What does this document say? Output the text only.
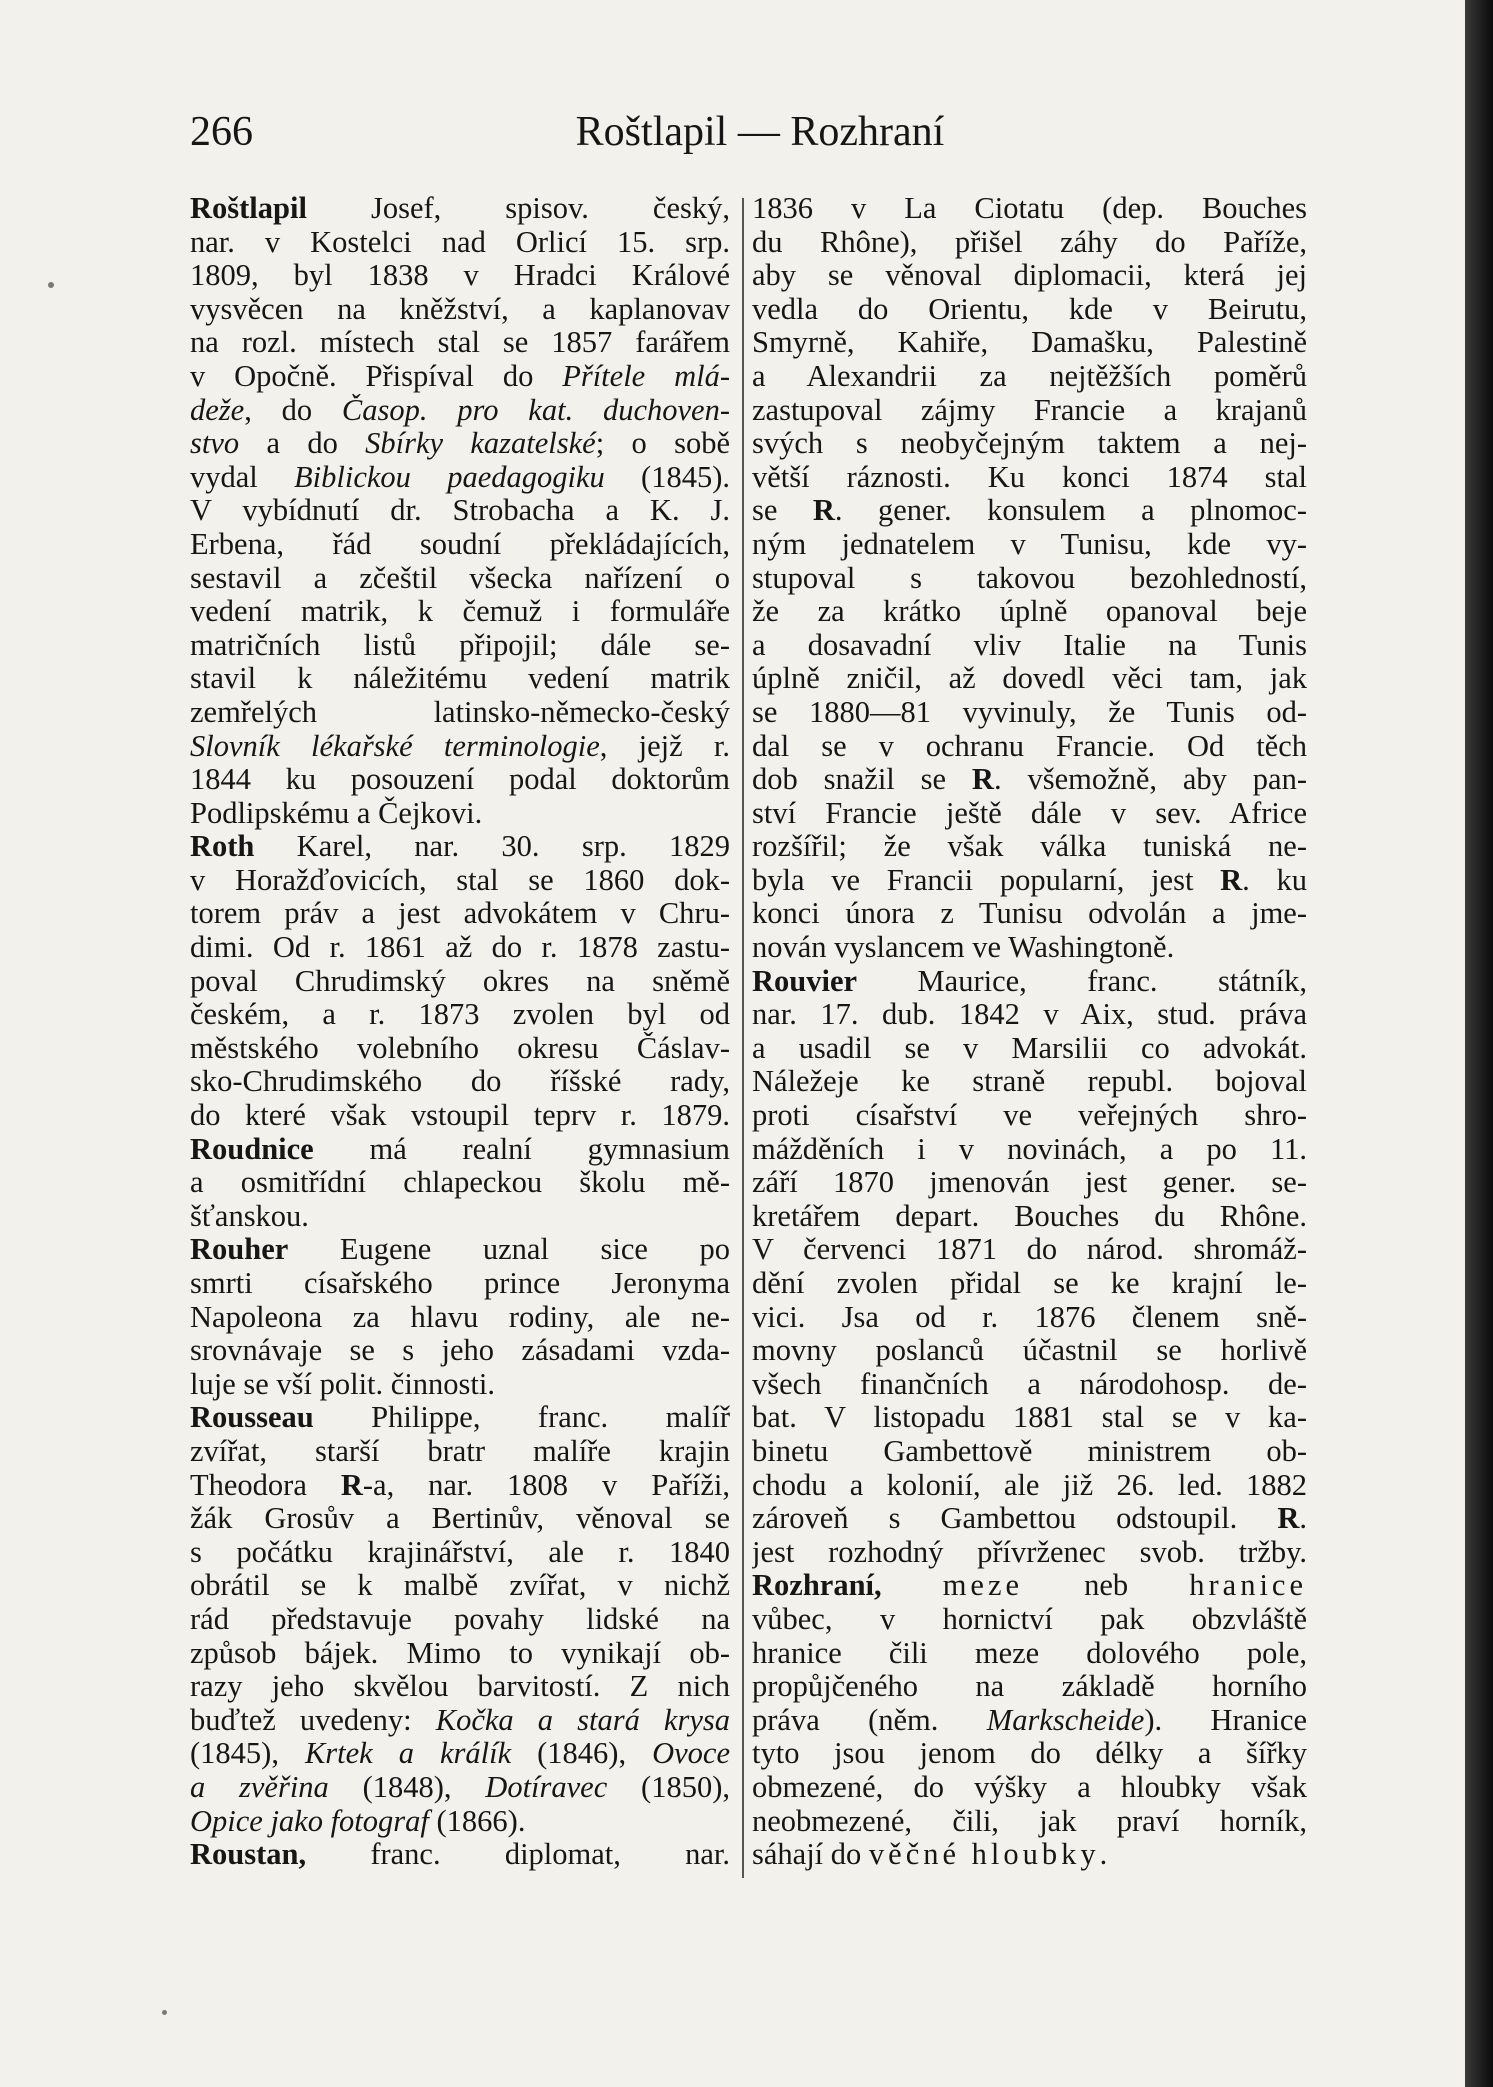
266	Roštlapil — Rozhraní
Roštlapil Josef, spisov. český,
nar. v Kostelci nad Orlicí 15. srp.
1809, byl 1838 v Hradci Králové
vysvěcen na kněžství, a kaplanovav
na rozl. místech stal se 1857 farářem
v Opočně. Přispíval do Přítele mlá-
deže, do Časop. pro kat. duchoven-
stvo a do Sbírky kazatelské; o sobě
vydal Biblickou paedagogiku (1845).
V vybídnutí dr. Strobacha a K. J.
Erbena, řád soudní překládajících,
sestavil a zčeštil všecka nařízení o
vedení matrik, k čemuž i formuláře
matričních listů připojil; dále se-
stavil k náležitému vedení matrik
zemřelých latinsko-německo-český
Slovník lékařské terminologie, jejž r.
1844 ku posouzení podal doktorům
Podlipskému a Čejkovi.
Roth Karel, nar. 30. srp. 1829
v Horažďovicích, stal se 1860 dok-
torem práv a jest advokátem v Chru-
dimi. Od r. 1861 až do r. 1878 zastu-
poval Chrudimský okres na sněmě
českém, a r. 1873 zvolen byl od
městského volebního okresu Čáslav-
sko-Chrudimského do říšské rady,
do které však vstoupil teprv r. 1879.
Roudnice má realní gymnasium
a osmitřídní chlapeckou školu mě-
šťanskou.
Rouher Eugene uznal sice po
smrti císařského prince Jeronyma
Napoleona za hlavu rodiny, ale ne-
srovnávaje se s jeho zásadami vzda-
luje se vší polit. činnosti.
Rousseau Philippe, franc. malíř
zvířat, starší bratr malíře krajin
Theodora R-a, nar. 1808 v Paříži,
žák Grosův a Bertinův, věnoval se
s počátku krajinářství, ale r. 1840
obrátil se k malbě zvířat, v nichž
rád představuje povahy lidské na
způsob bájek. Mimo to vynikají ob-
razy jeho skvělou barvitostí. Z nich
buďtež uvedeny: Kočka a stará krysa
(1845), Krtek a králík (1846), Ovoce
a zvěřina (1848), Dotíravec (1850),
Opice jako fotograf (1866).
Roustan, franc. diplomat, nar.
1836 v La Ciotatu (dep. Bouches
du Rhône), přišel záhy do Paříže,
aby se věnoval diplomacii, která jej
vedla do Orientu, kde v Beirutu,
Smyrně, Kahiře, Damašku, Palestině
a Alexandrii za nejtěžších poměrů
zastupoval zájmy Francie a krajanů
svých s neobyčejným taktem a nej-
větší ráznosti. Ku konci 1874 stal
se R. gener. konsulem a plnomoc-
ným jednatelem v Tunisu, kde vy-
stupoval s takovou bezohledností,
že za krátko úplně opanoval beje
a dosavadní vliv Italie na Tunis
úplně zničil, až dovedl věci tam, jak
se 1880—81 vyvinuly, že Tunis od-
dal se v ochranu Francie. Od těch
dob snažil se R. všemožně, aby pan-
ství Francie ještě dále v sev. Africe
rozšířil; že však válka tuniská ne-
byla ve Francii popularní, jest R. ku
konci února z Tunisu odvolán a jme-
nován vyslancem ve Washingtoně.
Rouvier Maurice, franc. státník,
nar. 17. dub. 1842 v Aix, stud. práva
a usadil se v Marsilii co advokát.
Náležeje ke straně republ. bojoval
proti císařství ve veřejných shro-
mážděních i v novinách, a po 11.
září 1870 jmenován jest gener. se-
kretářem depart. Bouches du Rhône.
V červenci 1871 do národ. shromáž-
dění zvolen přidal se ke krajní le-
vici. Jsa od r. 1876 členem sně-
movny poslanců účastnil se horlivě
všech finančních a národohosp. de-
bat. V listopadu 1881 stal se v ka-
binetu Gambettově ministrem ob-
chodu a kolonií, ale již 26. led. 1882
zároveň s Gambettou odstoupil. R.
jest rozhodný přívrženec svob. tržby.
Rozhraní, meze neb hranice
vůbec, v hornictví pak obzvláště
hranice čili meze dolového pole,
propůjčeného na základě horního
práva (něm. Markscheide). Hranice
tyto jsou jenom do délky a šířky
obmezené, do výšky a hloubky však
neobmezené, čili, jak praví horník,
sáhají do věčné hloubky.
